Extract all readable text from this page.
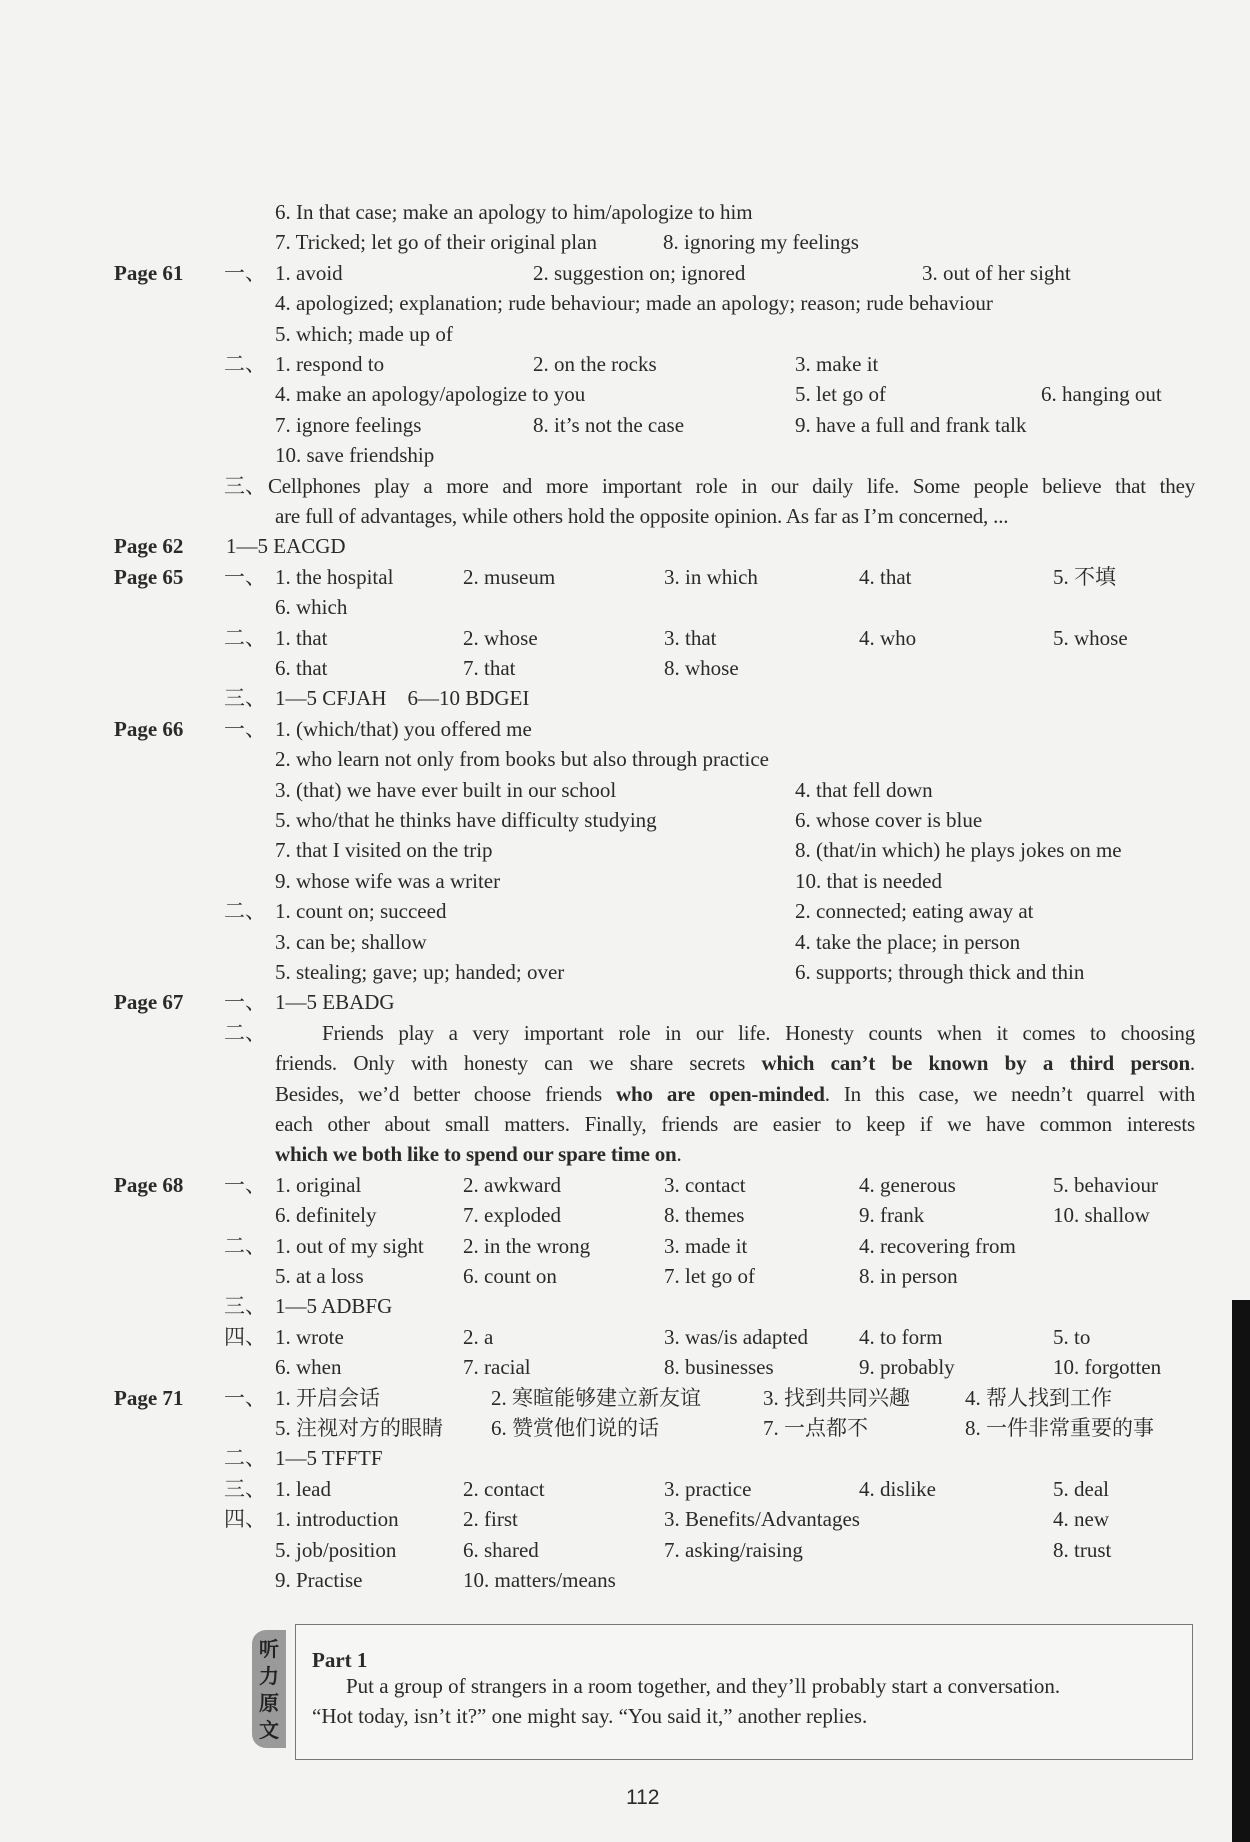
6. In that case; make an apology to him/apologize to him
7. Tricked; let go of their original plan	8. ignoring my feelings
Page 61 一、 1. avoid	2. suggestion on; ignored	3. out of her sight
4. apologized; explanation; rude behaviour; made an apology; reason; rude behaviour
5. which; made up of
二、 1. respond to	2. on the rocks	3. make it
4. make an apology/apologize to you	5. let go of	6. hanging out
7. ignore feelings	8. it’s not the case	9. have a full and frank talk
10. save friendship
三、 Cellphones play a more and more important role in our daily life. Some people believe that they
are full of advantages, while others hold the opposite opinion. As far as I’m concerned, ...
Page 62 1—5 EACGD
Page 65 一、 1. the hospital	2. museum	3. in which	4. that	5. 不填
6. which
二、 1. that	2. whose	3. that	4. who	5. whose
6. that	7. that	8. whose
三、 1—5 CFJAH　6—10 BDGEI
Page 66 一、 1. (which/that) you offered me
2. who learn not only from books but also through practice
3. (that) we have ever built in our school	4. that fell down
5. who/that he thinks have difficulty studying	6. whose cover is blue
7. that I visited on the trip	8. (that/in which) he plays jokes on me
9. whose wife was a writer	10. that is needed
二、 1. count on; succeed	2. connected; eating away at
3. can be; shallow	4. take the place; in person
5. stealing; gave; up; handed; over	6. supports; through thick and thin
Page 67 一、 1—5 EBADG
二、	Friends play a very important role in our life. Honesty counts when it comes to choosing
friends. Only with honesty can we share secrets which can’t be known by a third person.
Besides, we’d better choose friends who are open-minded. In this case, we needn’t quarrel with
each other about small matters. Finally, friends are easier to keep if we have common interests
which we both like to spend our spare time on.
Page 68 一、 1. original	2. awkward	3. contact	4. generous	5. behaviour
6. definitely	7. exploded	8. themes	9. frank	10. shallow
二、 1. out of my sight 2. in the wrong	3. made it	4. recovering from
5. at a loss	6. count on	7. let go of	8. in person
三、 1—5 ADBFG
四、 1. wrote	2. a	3. was/is adapted 4. to form	5. to
6. when	7. racial	8. businesses	9. probably	10. forgotten
Page 71 一、 1. 开启会话	2. 寒暄能够建立新友谊	3. 找到共同兴趣	4. 帮人找到工作
5. 注视对方的眼睛 6. 赞赏他们说的话	7. 一点都不	8. 一件非常重要的事
二、 1—5 TFFTF
三、 1. lead	2. contact	3. practice	4. dislike	5. deal
四、 1. introduction	2. first	3. Benefits/Advantages	4. new
5. job/position	6. shared	7. asking/raising	8. trust
9. Practise	10. matters/means
听
力
原
文
Part 1
Put a group of strangers in a room together, and they’ll probably start a conversation.
“Hot today, isn’t it?” one might say. “You said it,” another replies.
112
